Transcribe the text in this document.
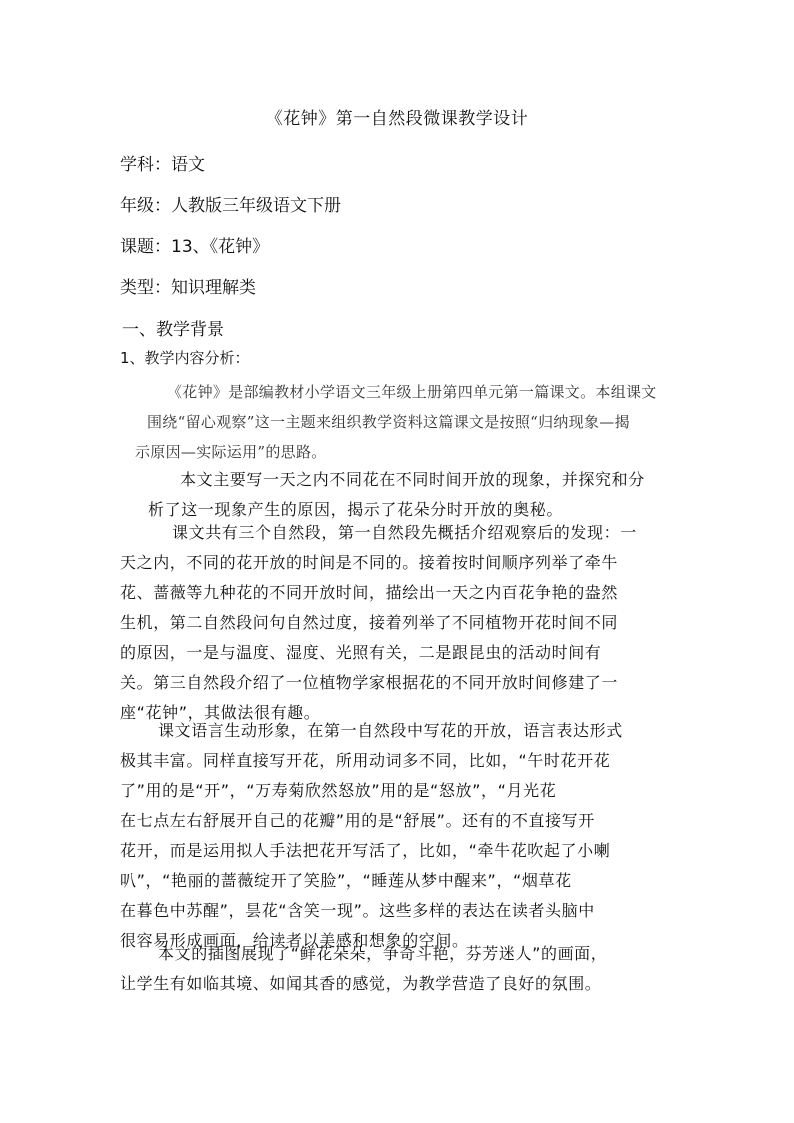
《花钟》第一自然段微课教学设计
学科：语文
年级：人教版三年级语文下册
课题：13、《花钟》
类型：知识理解类
一、教学背景
1、教学内容分析：
《花钟》是部编教材小学语文三年级上册第四单元第一篇课文。本组课文
围绕“留心观察”这一主题来组织教学资料这篇课文是按照“归纳现象—揭
示原因—实际运用”的思路。
本文主要写一天之内不同花在不同时间开放的现象，并探究和分
析了这一现象产生的原因，揭示了花朵分时开放的奥秘。
课文共有三个自然段，第一自然段先概括介绍观察后的发现：一
天之内，不同的花开放的时间是不同的。接着按时间顺序列举了牵牛
花、蔷薇等九种花的不同开放时间，描绘出一天之内百花争艳的盎然
生机，第二自然段问句自然过度，接着列举了不同植物开花时间不同
的原因，一是与温度、湿度、光照有关，二是跟昆虫的活动时间有
关。第三自然段介绍了一位植物学家根据花的不同开放时间修建了一
座“花钟”，其做法很有趣。
课文语言生动形象，在第一自然段中写花的开放，语言表达形式
极其丰富。同样直接写开花，所用动词多不同，比如，“午时花开花
了”用的是“开”，“万寿菊欣然怒放”用的是“怒放”，“月光花
在七点左右舒展开自己的花瓣”用的是“舒展”。还有的不直接写开
花开，而是运用拟人手法把花开写活了，比如，“牵牛花吹起了小喇
叭”，“艳丽的蔷薇绽开了笑脸”，“睡莲从梦中醒来”，“烟草花
在暮色中苏醒”，昙花“含笑一现”。这些多样的表达在读者头脑中
很容易形成画面，给读者以美感和想象的空间。
本文的插图展现了“鲜花朵朵，争奇斗艳，芬芳迷人”的画面，
让学生有如临其境、如闻其香的感觉，为教学营造了良好的氛围。
